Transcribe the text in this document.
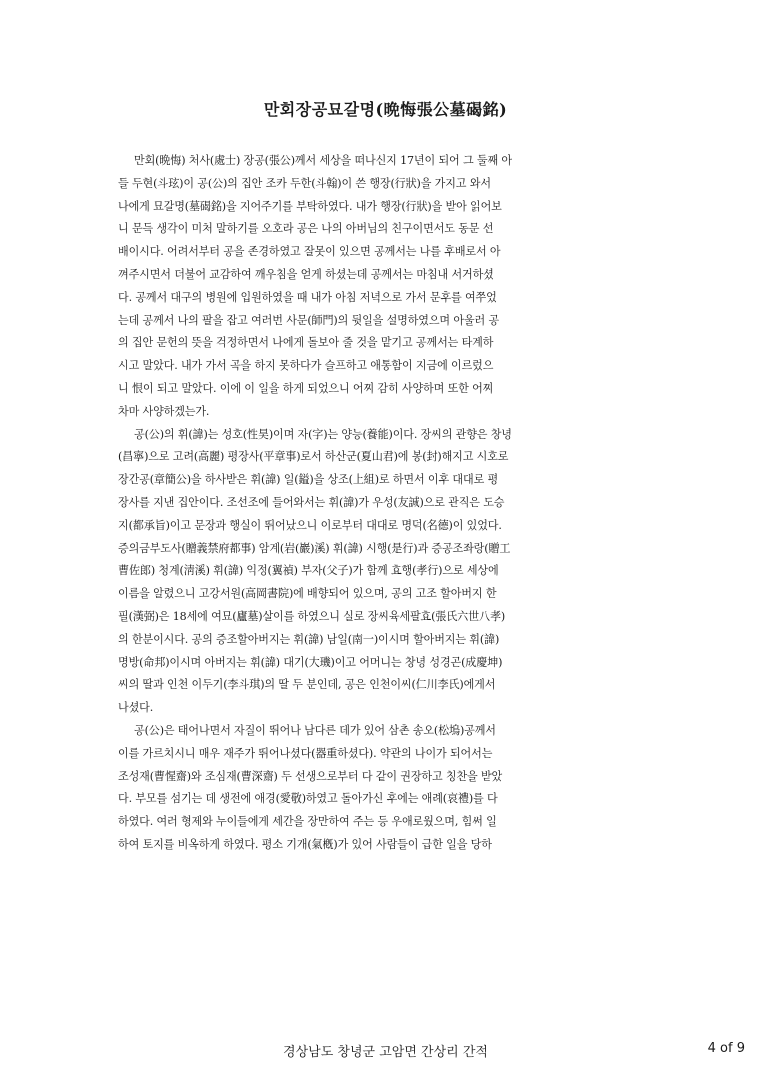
만회장공묘갈명(晩悔張公墓碣銘)
만회(晩悔) 처사(處士) 장공(張公)께서 세상을 떠나신지 17년이 되어 그 둘째 아
들 두현(斗玹)이 공(公)의 집안 조카 두한(斗翰)이 쓴 행장(行狀)을 가지고 와서
나에게 묘갈명(墓碣銘)을 지어주기를 부탁하였다. 내가 행장(行狀)을 받아 읽어보
니 문득 생각이 미처 말하기를 오호라 공은 나의 아버님의 친구이면서도 동문 선
배이시다. 어려서부터 공을 존경하였고 잘못이 있으면 공께서는 나를 후배로서 아
껴주시면서 더불어 교감하여 깨우침을 얻게 하셨는데 공께서는 마침내 서거하셨
다. 공께서 대구의 병원에 입원하였을 때 내가 아침 저녁으로 가서 문후를 여쭈었
는데 공께서 나의 팔을 잡고 여러번 사문(師門)의 뒷일을 설명하였으며 아울러 공
의 집안 문헌의 뜻을 걱정하면서 나에게 돌보아 줄 것을 맡기고 공께서는 타계하
시고 말았다. 내가 가서 곡을 하지 못하다가 슬프하고 애통함이 지금에 이르렀으
니 恨이 되고 말았다. 이에 이 일을 하게 되었으니 어찌 감히 사양하며 또한 어찌
차마 사양하겠는가.
공(公)의 휘(諱)는 성호(性昊)이며 자(字)는 양능(養能)이다. 장씨의 관향은 창녕
(昌寧)으로 고려(高麗) 평장사(平章事)로서 하산군(夏山君)에 봉(封)해지고 시호로
장간공(章簡公)을 하사받은 휘(諱) 일(鎰)을 상조(上組)로 하면서 이후 대대로 평
장사를 지낸 집안이다. 조선조에 들어와서는 휘(諱)가 우성(友誠)으로 관직은 도승
지(都承旨)이고 문장과 행실이 뛰어났으니 이로부터 대대로 명덕(名德)이 있었다.
증의금부도사(贈義禁府都事) 암계(岩(巖)溪) 휘(諱) 시행(是行)과 증공조좌랑(贈工
曹佐郎) 청계(淸溪) 휘(諱) 익정(翼禎) 부자(父子)가 함께 효행(孝行)으로 세상에
이름을 알렸으니 고강서원(高岡書院)에 배향되어 있으며, 공의 고조 할아버지 한
필(漢弼)은 18세에 여묘(廬墓)살이를 하였으니 실로 장씨육세팔효(張氏六世八孝)
의 한분이시다. 공의 증조할아버지는 휘(諱) 남일(南一)이시며 할아버지는 휘(諱)
명방(命邦)이시며 아버지는 휘(諱) 대기(大璣)이고 어머니는 창녕 성경곤(成慶坤)
씨의 딸과 인천 이두기(李斗琪)의 딸 두 분인데, 공은 인천이씨(仁川李氏)에게서
나셨다.
공(公)은 태어나면서 자질이 뛰어나 남다른 데가 있어 삼촌 송오(松塢)공께서
이를 가르치시니 매우 재주가 뛰어나셨다(器重하셨다). 약관의 나이가 되어서는
조성재(曹惺齋)와 조심재(曹深齋) 두 선생으로부터 다 같이 권장하고 칭찬을 받았
다. 부모를 섬기는 데 생전에 애경(愛敬)하였고 돌아가신 후에는 애례(哀禮)를 다
하였다. 여러 형제와 누이들에게 세간을 장만하여 주는 등 우애로웠으며, 힘써 일
하여 토지를 비옥하게 하였다. 평소 기개(氣槪)가 있어 사람들이 급한 일을 당하
경상남도 창녕군 고암면 간상리 간적	4 of 9
